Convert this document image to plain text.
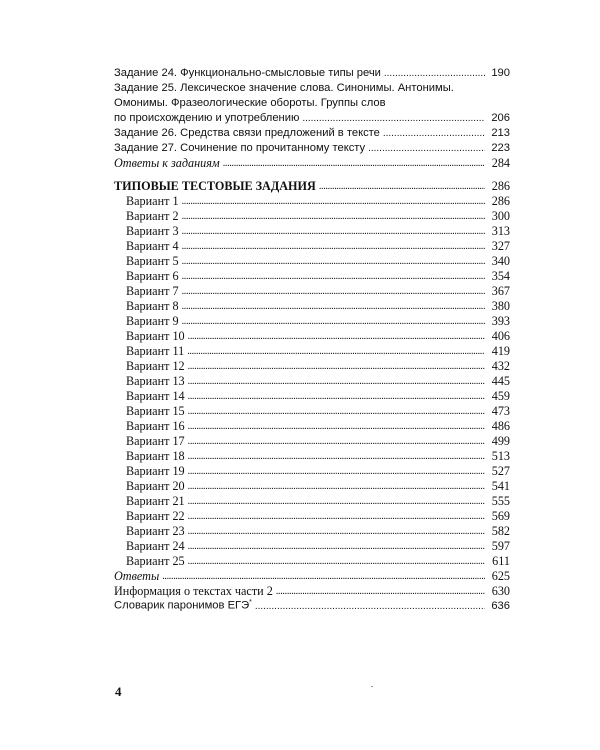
Задание 24. Функционально-смысловые типы речи . . .	190
Задание 25. Лексическое значение слова. Синонимы. Антонимы.
Омонимы. Фразеологические обороты. Группы слов
по происхождению и употреблению . . .	206
Задание 26. Средства связи предложений в тексте . . .	213
Задание 27. Сочинение по прочитанному тексту . . .	223
Ответы к заданиям . . .	284
ТИПОВЫЕ ТЕСТОВЫЕ ЗАДАНИЯ . . .	286
Вариант 1 . . .	286
Вариант 2 . . .	300
Вариант 3 . . .	313
Вариант 4 . . .	327
Вариант 5 . . .	340
Вариант 6 . . .	354
Вариант 7 . . .	367
Вариант 8 . . .	380
Вариант 9 . . .	393
Вариант 10 . . .	406
Вариант 11 . . .	419
Вариант 12 . . .	432
Вариант 13 . . .	445
Вариант 14 . . .	459
Вариант 15 . . .	473
Вариант 16 . . .	486
Вариант 17 . . .	499
Вариант 18 . . .	513
Вариант 19 . . .	527
Вариант 20 . . .	541
Вариант 21 . . .	555
Вариант 22 . . .	569
Вариант 23 . . .	582
Вариант 24 . . .	597
Вариант 25 . . .	611
Ответы . . .	625
Информация о текстах части 2 . . .	630
Словарик паронимов ЕГЭ* . . .	636
4
